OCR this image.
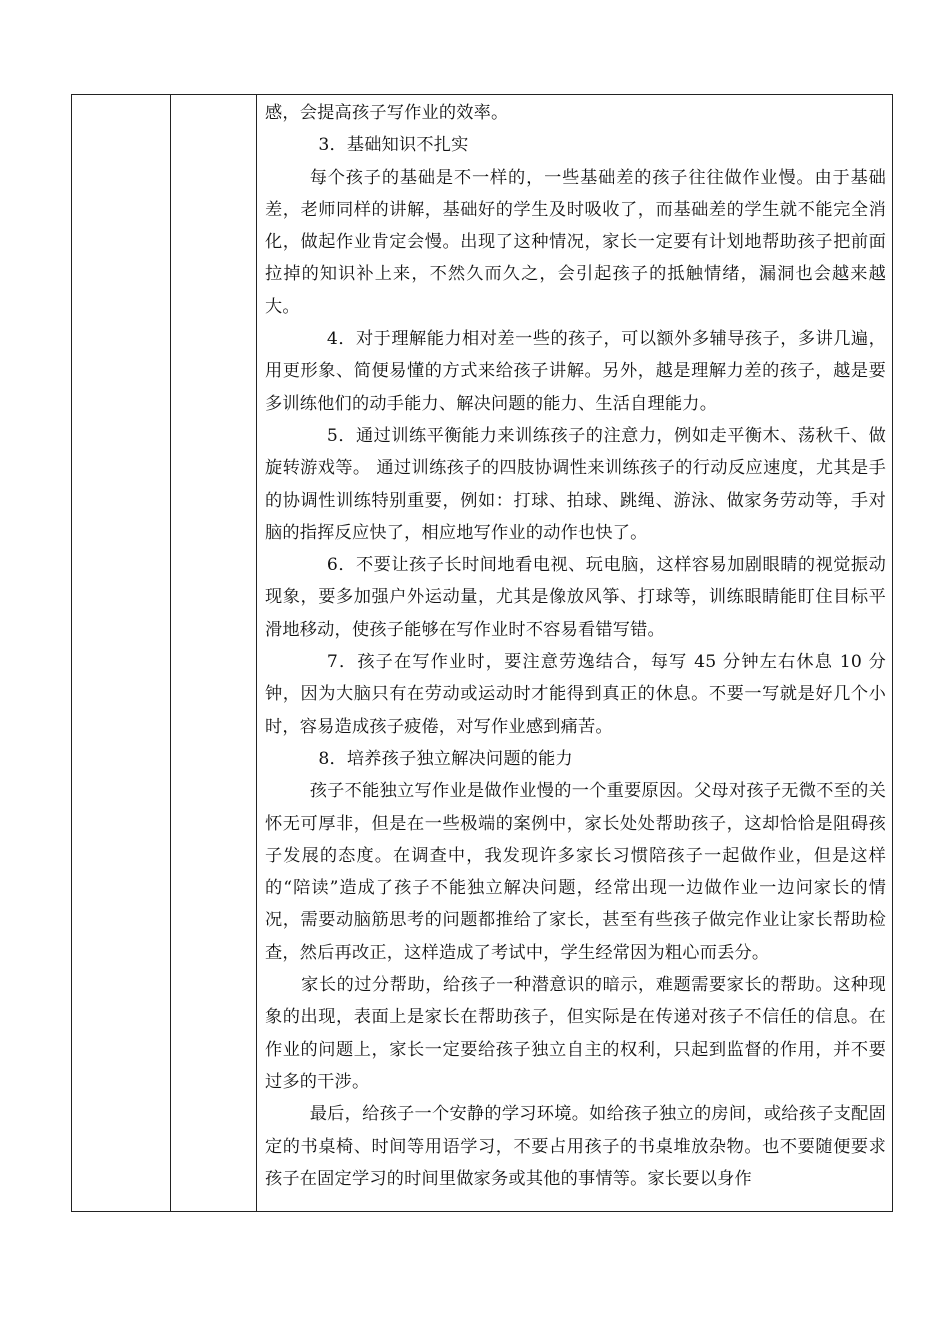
感，会提高孩子写作业的效率。

3．基础知识不扎实

每个孩子的基础是不一样的，一些基础差的孩子往往做作业慢。由于基础差，老师同样的讲解，基础好的学生及时吸收了，而基础差的学生就不能完全消化，做起作业肯定会慢。出现了这种情况，家长一定要有计划地帮助孩子把前面拉掉的知识补上来，不然久而久之，会引起孩子的抵触情绪，漏洞也会越来越大。

4．对于理解能力相对差一些的孩子，可以额外多辅导孩子，多讲几遍，用更形象、简便易懂的方式来给孩子讲解。另外，越是理解力差的孩子，越是要多训练他们的动手能力、解决问题的能力、生活自理能力。

5．通过训练平衡能力来训练孩子的注意力，例如走平衡木、荡秋千、做旋转游戏等。 通过训练孩子的四肢协调性来训练孩子的行动反应速度，尤其是手的协调性训练特别重要，例如：打球、拍球、跳绳、游泳、做家务劳动等，手对脑的指挥反应快了，相应地写作业的动作也快了。

6．不要让孩子长时间地看电视、玩电脑，这样容易加剧眼睛的视觉振动现象，要多加强户外运动量，尤其是像放风筝、打球等，训练眼睛能盯住目标平滑地移动，使孩子能够在写作业时不容易看错写错。

7．孩子在写作业时，要注意劳逸结合，每写 45 分钟左右休息 10 分钟，因为大脑只有在劳动或运动时才能得到真正的休息。不要一写就是好几个小时，容易造成孩子疲倦，对写作业感到痛苦。

8．培养孩子独立解决问题的能力

孩子不能独立写作业是做作业慢的一个重要原因。父母对孩子无微不至的关怀无可厚非，但是在一些极端的案例中，家长处处帮助孩子，这却恰恰是阻碍孩子发展的态度。在调查中，我发现许多家长习惯陪孩子一起做作业，但是这样的“陪读”造成了孩子不能独立解决问题，经常出现一边做作业一边问家长的情况，需要动脑筋思考的问题都推给了家长，甚至有些孩子做完作业让家长帮助检查，然后再改正，这样造成了考试中，学生经常因为粗心而丢分。

家长的过分帮助，给孩子一种潜意识的暗示，难题需要家长的帮助。这种现象的出现，表面上是家长在帮助孩子，但实际是在传递对孩子不信任的信息。在作业的问题上，家长一定要给孩子独立自主的权利，只起到监督的作用，并不要过多的干涉。

最后，给孩子一个安静的学习环境。如给孩子独立的房间，或给孩子支配固定的书桌椅、时间等用语学习，不要占用孩子的书桌堆放杂物。也不要随便要求孩子在固定学习的时间里做家务或其他的事情等。家长要以身作
